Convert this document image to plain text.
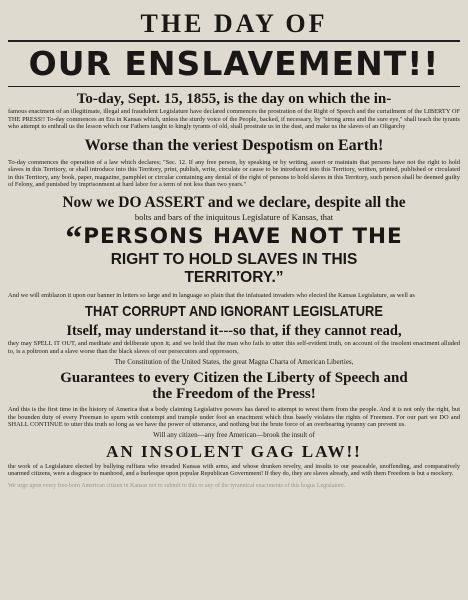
THE DAY OF
OUR ENSLAVEMENT!!
To-day, Sept. 15, 1855, is the day on which the in-

famous enactment of an illegitimate, illegal and fraudulent Legislature have declared commences the prostration of the Right of Speech and the curtailment of the LIBERTY OF THE PRESS!! To-day commences an Era in Kansas which, unless the sturdy voice of the People, backed, if necessary, by "strong arms and the sure eye," shall teach the tyrants who attempt to enthrall us the lesson which our Fathers taught to kingly tyrants of old, shall prostrate us in the dust, and make us the slaves of an Oligarchy

Worse than the veriest Despotism on Earth!

To-day commences the operation of a law which declares; "Sec. 12. If any free person, by speaking or by writing, assert or maintain that persons have not the right to hold slaves in this Territory, or shall introduce into this Territory, print, publish, write, circulate or cause to be introduced into this Territory, written, printed, published or circulated in this Territory, any book, paper, magazine, pamphlet or circular containing any denial of the right of persons to hold slaves in this Territory, such person shall be deemed guilty of Felony, and punished by imprisonment at hard labor for a term of not less than two years."

Now we DO ASSERT and we declare, despite all the
bolts and bars of the iniquitous Legislature of Kansas, that
“PERSONS HAVE NOT THE
RIGHT TO HOLD SLAVES IN THIS
TERRITORY.”

And we will emblazon it upon our banner in letters so large and in language so plain that the infatuated invaders who elected the Kansas Legislature, as well as

THAT CORRUPT AND IGNORANT LEGISLATURE
Itself, may understand it---so that, if they cannot read,

they may SPELL IT OUT, and meditate and deliberate upon it; and we hold that the man who fails to utter this self-evident truth, on account of the insolent enactment alluded to, is a poltroon and a slave worse than the black slaves of our persecutors and oppressors,

The Constitution of the United States, the great Magna Charta of American Liberties,
Guarantees to every Citizen the Liberty of Speech and
the Freedom of the Press!

And this is the first time in the history of America that a body claiming Legislative powers has dared to attempt to wrest them from the people. And it is not only the right, but the bounden duty of every Freeman to spurn with contempt and trample under foot an enactment which thus basely violates the rights of Freemen. For our part we DO and SHALL CONTINUE to utter this truth so long as we have the power of utterance, and nothing but the brute force of an overbearing tyranny can prevent us.

Will any citizen—any free American—brook the insult of
AN INSOLENT GAG LAW!!

the work of a Legislature elected by bullying ruffians who invaded Kansas with arms, and whose drunken revelry, and insults to our peaceable, unoffending, and comparatively unarmed citizens, were a disgrace to manhood, and a burlesque upon popular Republican Government! If they do, they are slaves already, and with them Freedom is but a mockery.

We urge upon every free-born American citizen in Kansas not to submit to this or any of the tyrannical enactments of this bogus Legislature.
